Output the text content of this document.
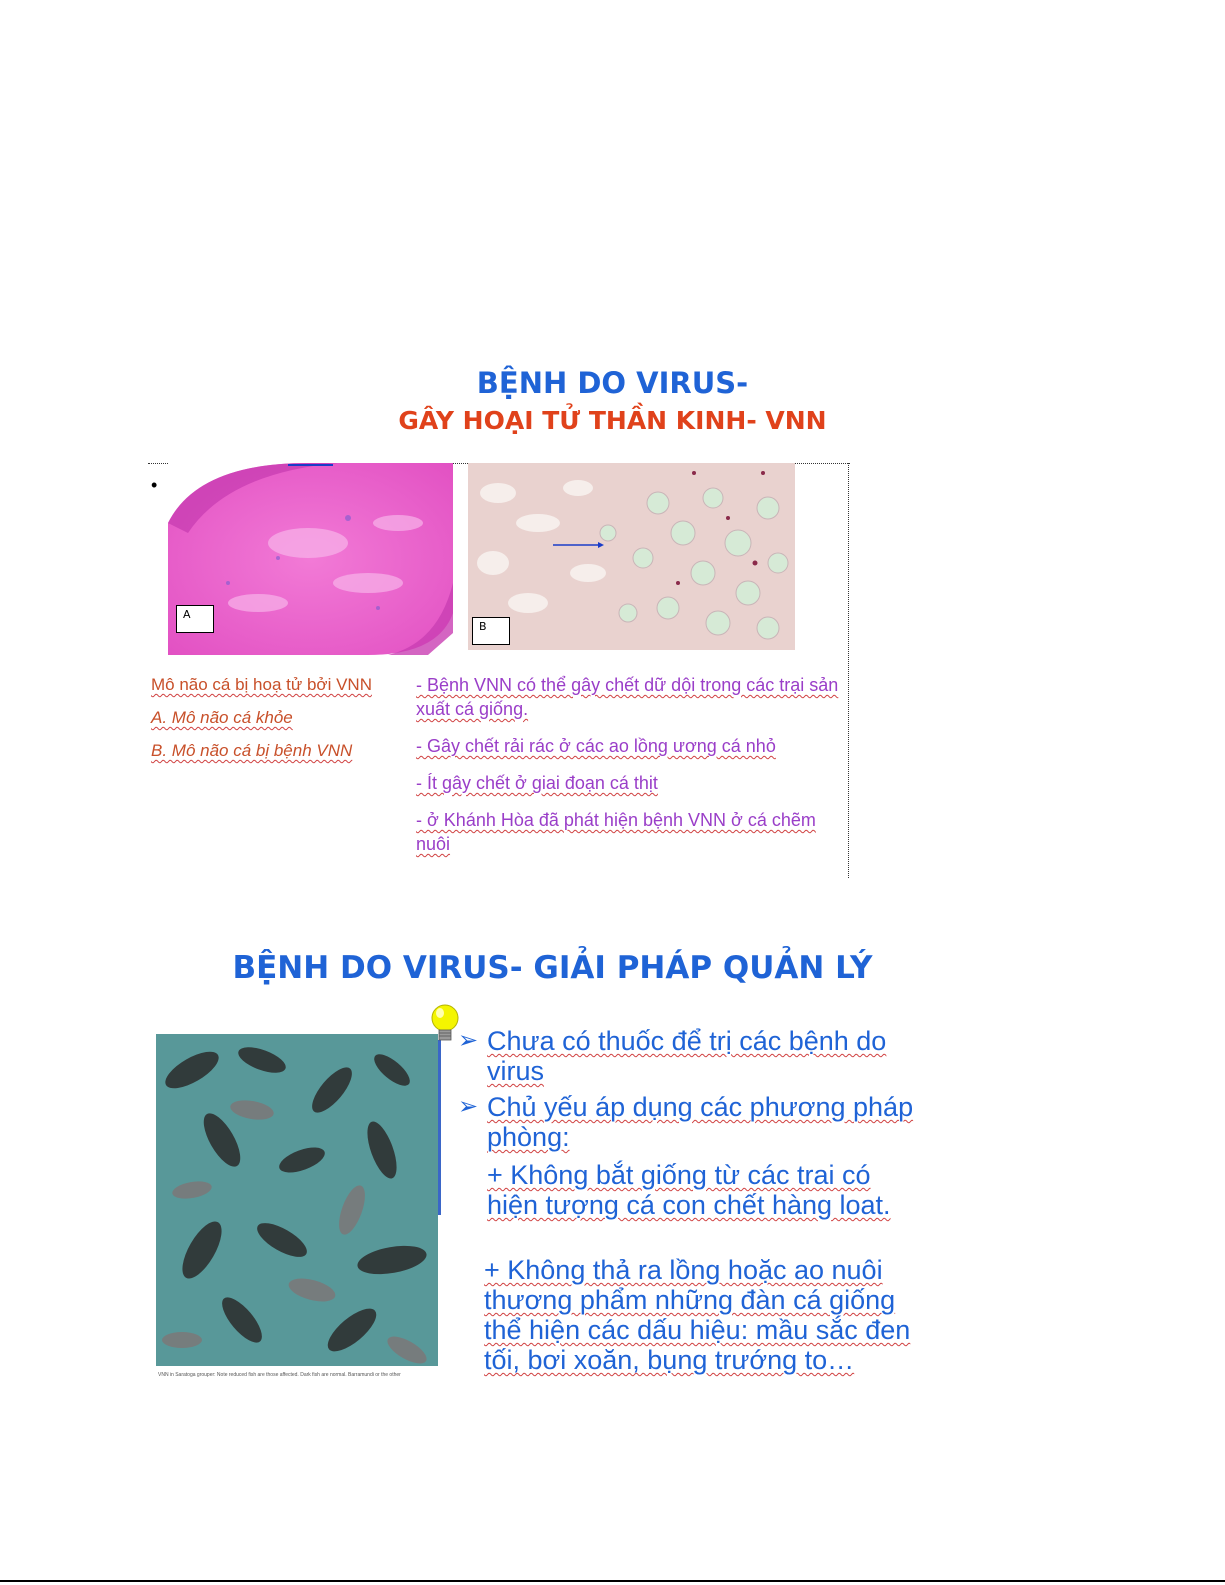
BỆNH DO VIRUS-
GÂY HOẠI TỬ THẦN KINH- VNN
•
A
B
Mô não cá bị hoạ tử bởi VNN
A. Mô não cá khỏe
B. Mô não cá bị bệnh VNN
- Bệnh VNN có thể gây chết dữ dội trong các trại sản xuất cá giống.
- Gây chết rải rác ở các ao lồng ương cá nhỏ
- Ít gây chết ở giai đoạn cá thịt
- ở Khánh Hòa đã phát hiện bệnh VNN ở cá chẽm nuôi
BỆNH DO VIRUS- GIẢI PHÁP QUẢN LÝ
VNN in Saratoga grouper: Note reduced fish are those affected. Dark fish are normal. Barramundi or the other
➢ Chưa có thuốc để trị các bệnh do virus
➢ Chủ yếu áp dụng các phương pháp phòng:
+ Không bắt giống từ các trai có hiện tượng cá con chết hàng loat.
+ Không thả ra lồng hoặc ao nuôi thương phẩm những đàn cá giống thể hiện các dấu hiệu: mầu sắc đen tối, bơi xoăn, bụng trướng to…
